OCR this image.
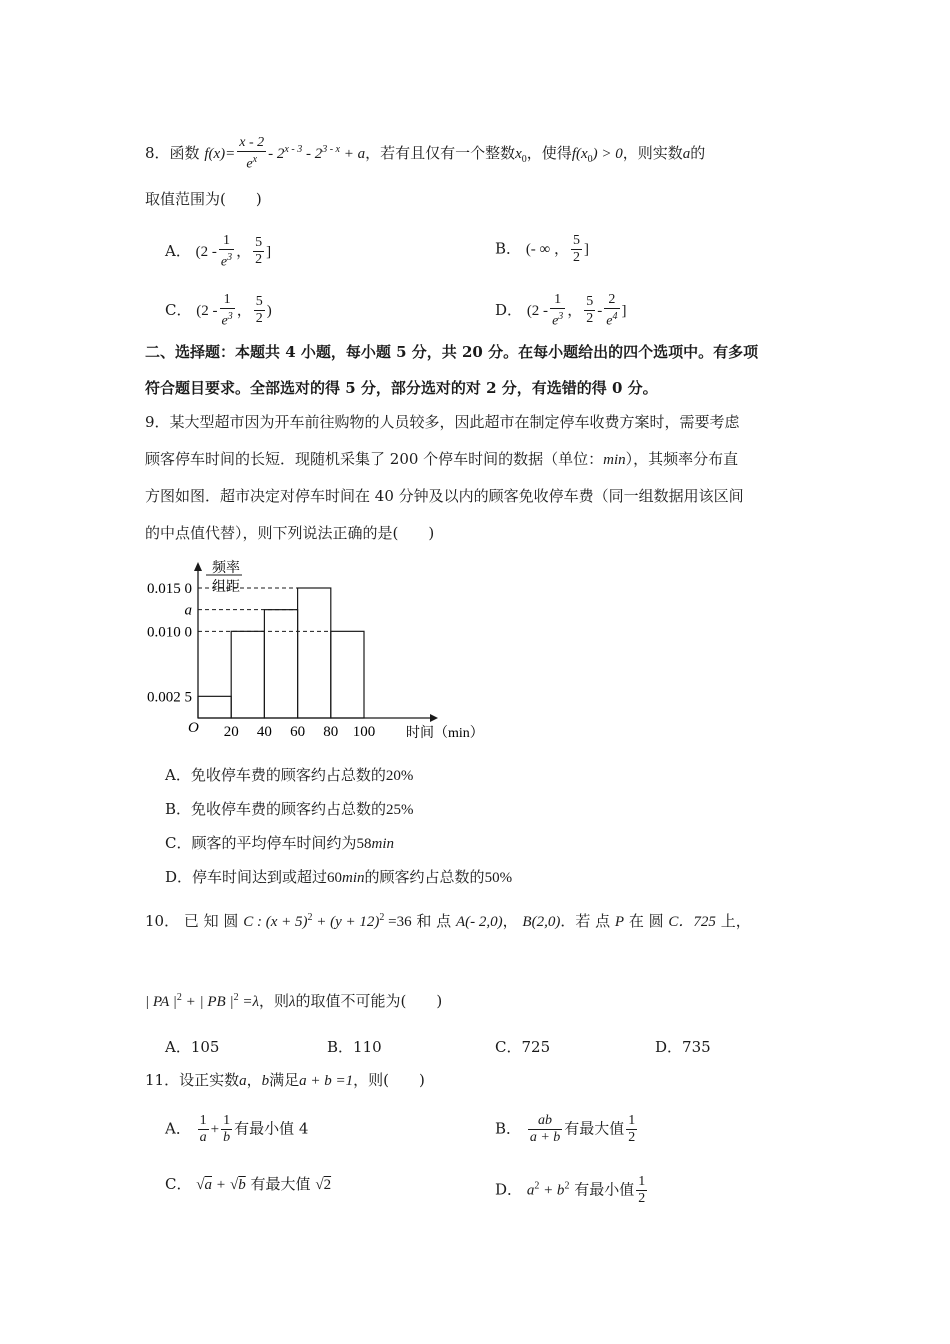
8．函数 $f(x)= \frac{x - 2}{e^x} - 2^{x - 3} - 2^{3 - x} + a$，若有且仅有一个整数$x_0$，使得$f(x_0) > 0$，则实数a的
取值范围为(　　)
A． ($2 - \frac{1}{e^3}$ ， $\frac{5}{2}$ ]	B． (- ∞ ， $\frac{5}{2}$ ]
C． ($2 - \frac{1}{e^3}$ ， $\frac{5}{2}$ )	D． ($2 - \frac{1}{e^3}$ ， $\frac{5}{2} - \frac{2}{e^4}$ ]
二、选择题：本题共 4 小题，每小题 5 分，共 20 分。在每小题给出的四个选项中。有多项
符合题目要求。全部选对的得 5 分，部分选对的对 2 分，有选错的得 0 分。
9．某大型超市因为开车前往购物的人员较多，因此超市在制定停车收费方案时，需要考虑
顾客停车时间的长短．现随机采集了 200 个停车时间的数据（单位：min），其频率分布直
方图如图．超市决定对停车时间在 40 分钟及以内的顾客免收停车费（同一组数据用该区间
的中点值代替），则下列说法正确的是(　　)
频率
组距
O	时间（min）
0.002 5
a
0.010 0
0.015 0
20 40 60 80 100
A．免收停车费的顾客约占总数的20%
B．免收停车费的顾客约占总数的25%
C．顾客的平均停车时间约为58min
D．停车时间达到或超过60min的顾客约占总数的50%
10． 已 知 圆 C : $(x + 5)^2 + (y + 12)^2 =36$ 和 点 A(- 2,0)， B(2,0)．若 点 P 在 圆 C．725 上，
| PA $|^2$ + | PB $|^2 =\lambda$，则λ的取值不可能为(　　)
A．105	B．110	C．725	D．735
11．设正实数a，b满足a + b =1，则(　　)
A． $\frac{1}{a} + \frac{1}{b}$ 有最小值 4	B． $\frac{ab}{a + b}$ 有最大值 $\frac{1}{2}$
C． √a + √b 有最大值 √2	D． $a^2 + b^2$ 有最小值 $\frac{1}{2}$
